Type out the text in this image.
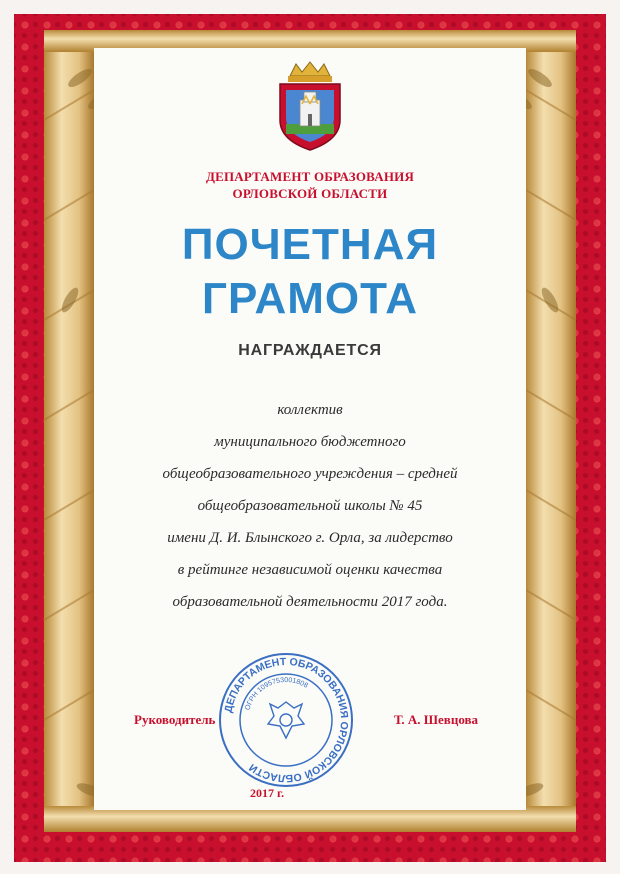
ДЕПАРТАМЕНТ ОБРАЗОВАНИЯ
ОРЛОВСКОЙ ОБЛАСТИ
ПОЧЕТНАЯ
ГРАМОТА
НАГРАЖДАЕТСЯ
коллектив
муниципального бюджетного
общеобразовательного учреждения – средней
общеобразовательной школы № 45
имени Д. И. Блынского г. Орла, за лидерство
в рейтинге независимой оценки качества
образовательной деятельности 2017 года.
ДЕПАРТАМЕНТ ОБРАЗОВАНИЯ ОРЛОВСКОЙ ОБЛАСТИ
ОГРН 1095753001808
Руководитель	Т. А. Шевцова
2017 г.
